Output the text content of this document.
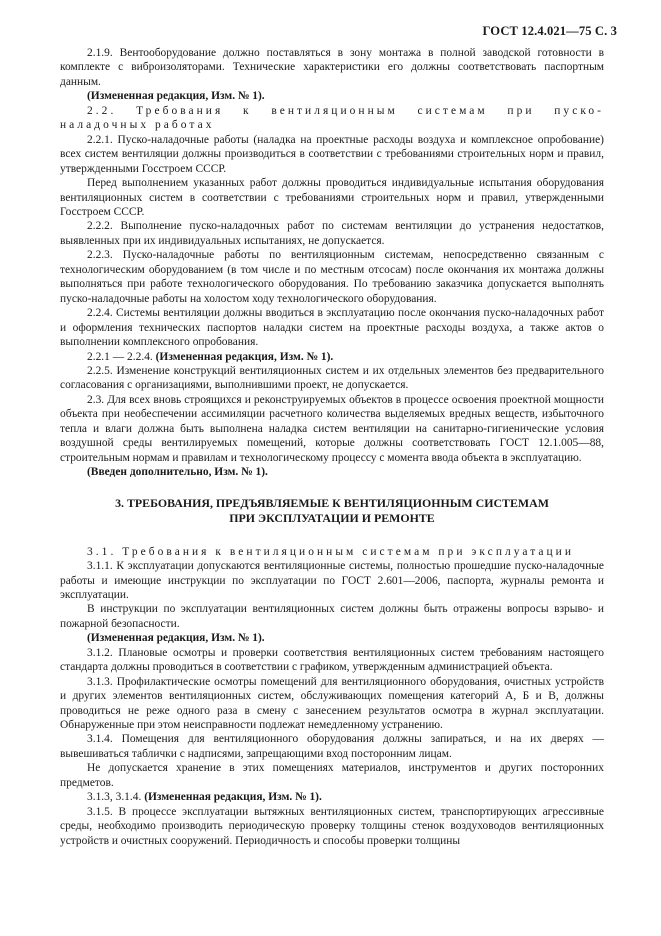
ГОСТ 12.4.021—75 С. 3

2.1.9. Вентооборудование должно поставляться в зону монтажа в полной заводской готовности в комплекте с виброизоляторами. Технические характеристики его должны соответствовать паспортным данным.

(Измененная редакция, Изм. № 1).

2.2. Требования к вентиляционным системам при пуско-наладочных работах

2.2.1. Пуско-наладочные работы (наладка на проектные расходы воздуха и комплексное опробование) всех систем вентиляции должны производиться в соответствии с требованиями строительных норм и правил, утвержденными Госстроем СССР.

Перед выполнением указанных работ должны проводиться индивидуальные испытания оборудования вентиляционных систем в соответствии с требованиями строительных норм и правил, утвержденными Госстроем СССР.

2.2.2. Выполнение пуско-наладочных работ по системам вентиляции до устранения недостатков, выявленных при их индивидуальных испытаниях, не допускается.

2.2.3. Пуско-наладочные работы по вентиляционным системам, непосредственно связанным с технологическим оборудованием (в том числе и по местным отсосам) после окончания их монтажа должны выполняться при работе технологического оборудования. По требованию заказчика допускается выполнять пуско-наладочные работы на холостом ходу технологического оборудования.

2.2.4. Системы вентиляции должны вводиться в эксплуатацию после окончания пуско-наладочных работ и оформления технических паспортов наладки систем на проектные расходы воздуха, а также актов о выполнении комплексного опробования.

2.2.1 — 2.2.4. (Измененная редакция, Изм. № 1).

2.2.5. Изменение конструкций вентиляционных систем и их отдельных элементов без предварительного согласования с организациями, выполнившими проект, не допускается.

2.3. Для всех вновь строящихся и реконструируемых объектов в процессе освоения проектной мощности объекта при необеспечении ассимиляции расчетного количества выделяемых вредных веществ, избыточного тепла и влаги должна быть выполнена наладка систем вентиляции на санитарно-гигиенические условия воздушной среды вентилируемых помещений, которые должны соответствовать ГОСТ 12.1.005—88, строительным нормам и правилам и технологическому процессу с момента ввода объекта в эксплуатацию.

(Введен дополнительно, Изм. № 1).

3. ТРЕБОВАНИЯ, ПРЕДЪЯВЛЯЕМЫЕ К ВЕНТИЛЯЦИОННЫМ СИСТЕМАМ
ПРИ ЭКСПЛУАТАЦИИ И РЕМОНТЕ

3.1. Требования к вентиляционным системам при эксплуатации

3.1.1. К эксплуатации допускаются вентиляционные системы, полностью прошедшие пуско-наладочные работы и имеющие инструкции по эксплуатации по ГОСТ 2.601—2006, паспорта, журналы ремонта и эксплуатации.

В инструкции по эксплуатации вентиляционных систем должны быть отражены вопросы взрыво- и пожарной безопасности.

(Измененная редакция, Изм. № 1).

3.1.2. Плановые осмотры и проверки соответствия вентиляционных систем требованиям настоящего стандарта должны проводиться в соответствии с графиком, утвержденным администрацией объекта.

3.1.3. Профилактические осмотры помещений для вентиляционного оборудования, очистных устройств и других элементов вентиляционных систем, обслуживающих помещения категорий А, Б и В, должны проводиться не реже одного раза в смену с занесением результатов осмотра в журнал эксплуатации. Обнаруженные при этом неисправности подлежат немедленному устранению.

3.1.4. Помещения для вентиляционного оборудования должны запираться, и на их дверях — вывешиваться таблички с надписями, запрещающими вход посторонним лицам.

Не допускается хранение в этих помещениях материалов, инструментов и других посторонних предметов.

3.1.3, 3.1.4. (Измененная редакция, Изм. № 1).

3.1.5. В процессе эксплуатации вытяжных вентиляционных систем, транспортирующих агрессивные среды, необходимо производить периодическую проверку толщины стенок воздуховодов вентиляционных устройств и очистных сооружений. Периодичность и способы проверки толщины
